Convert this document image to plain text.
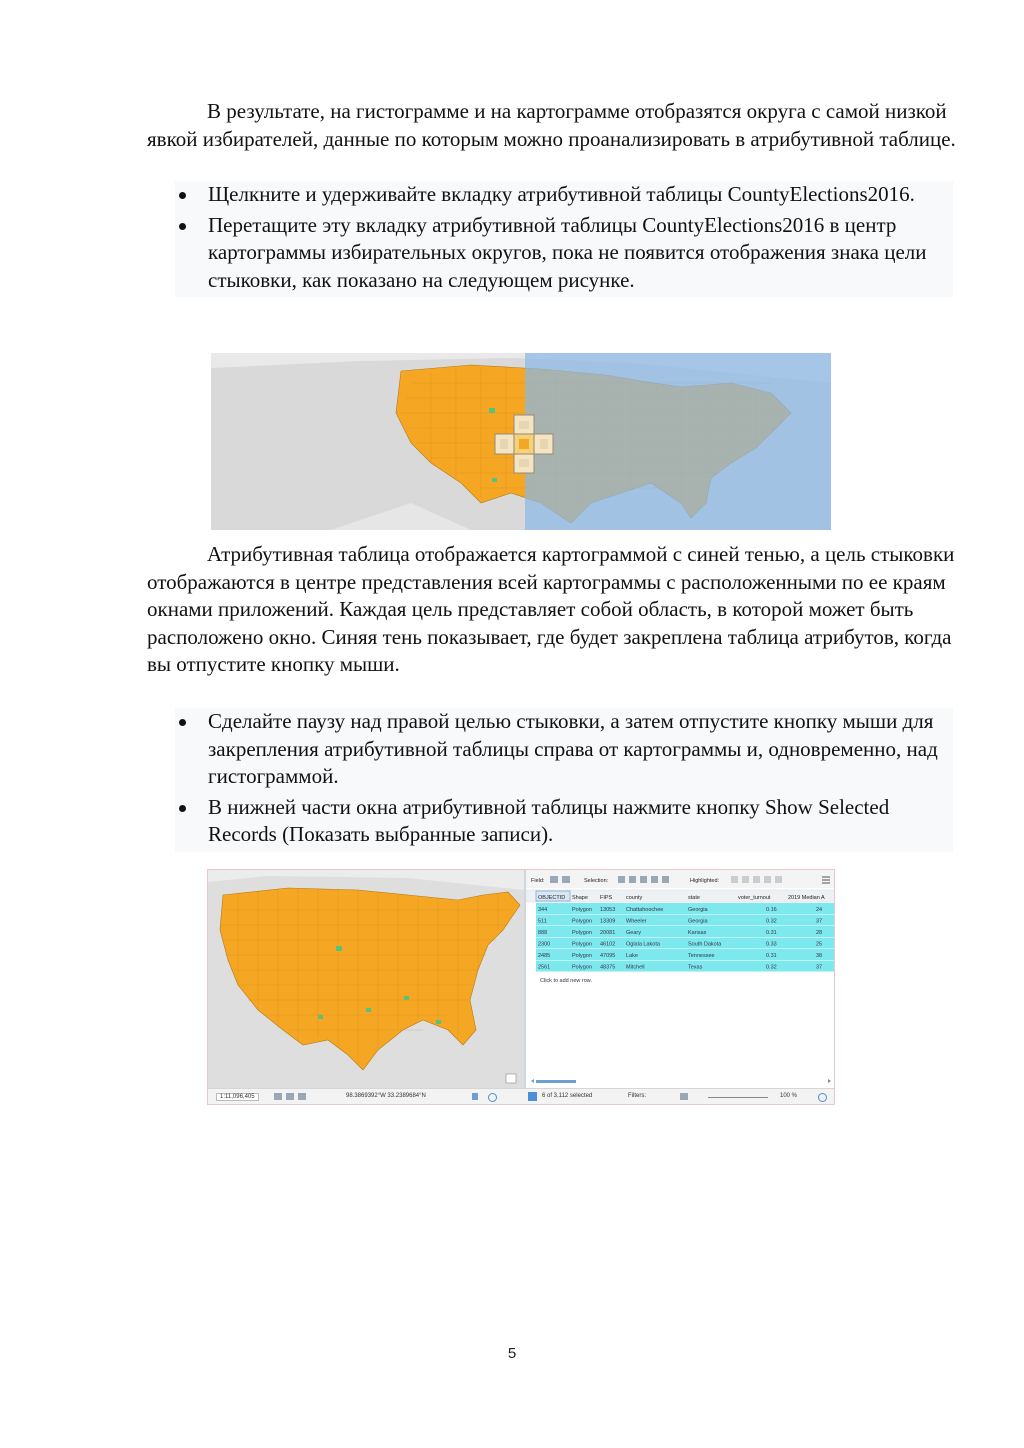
В результате, на гистограмме и на картограмме отобразятся округа с самой низкой явкой избирателей, данные по которым можно проанализировать в атрибутивной таблице.

Щелкните и удерживайте вкладку атрибутивной таблицы CountyElections2016.
Перетащите эту вкладку атрибутивной таблицы CountyElections2016 в центр картограммы избирательных округов, пока не появится отображения знака цели стыковки, как показано на следующем рисунке.

Атрибутивная таблица отображается картограммой с синей тенью, а цель стыковки отображаются в центре представления всей картограммы с расположенными по ее краям окнами приложений. Каждая цель представляет собой область, в которой может быть расположено окно. Синяя тень показывает, где будет закреплена таблица атрибутов, когда вы отпустите кнопку мыши.

Сделайте паузу над правой целью стыковки, а затем отпустите кнопку мыши для закрепления атрибутивной таблицы справа от картограммы и, одновременно, над гистограммой.
В нижней части окна атрибутивной таблицы нажмите кнопку Show Selected Records (Показать выбранные записи).
Field:	Selection:	Highlighted:
OBJECTID Shape FIPS	county	state	voter_turnout	2019 Median A
344	Polygon 13053 Chattahoochee	Georgia	0.16	24
511	Polygon 13309 Wheeler	Georgia	0.32	37
888	Polygon 20081 Geary	Kansas	0.31	28
2300	Polygon 46102 Oglala Lakota	South Dakota	0.33	25
2485	Polygon 47095 Lake	Tennessee	0.31	38
2561	Polygon 48375 Mitchell	Texas	0.32	37
Click to add new row.
1:11,096,405	98.3869392°W 33.2389684°N	6 of 3,112 selected	Filters:	100 %
5
